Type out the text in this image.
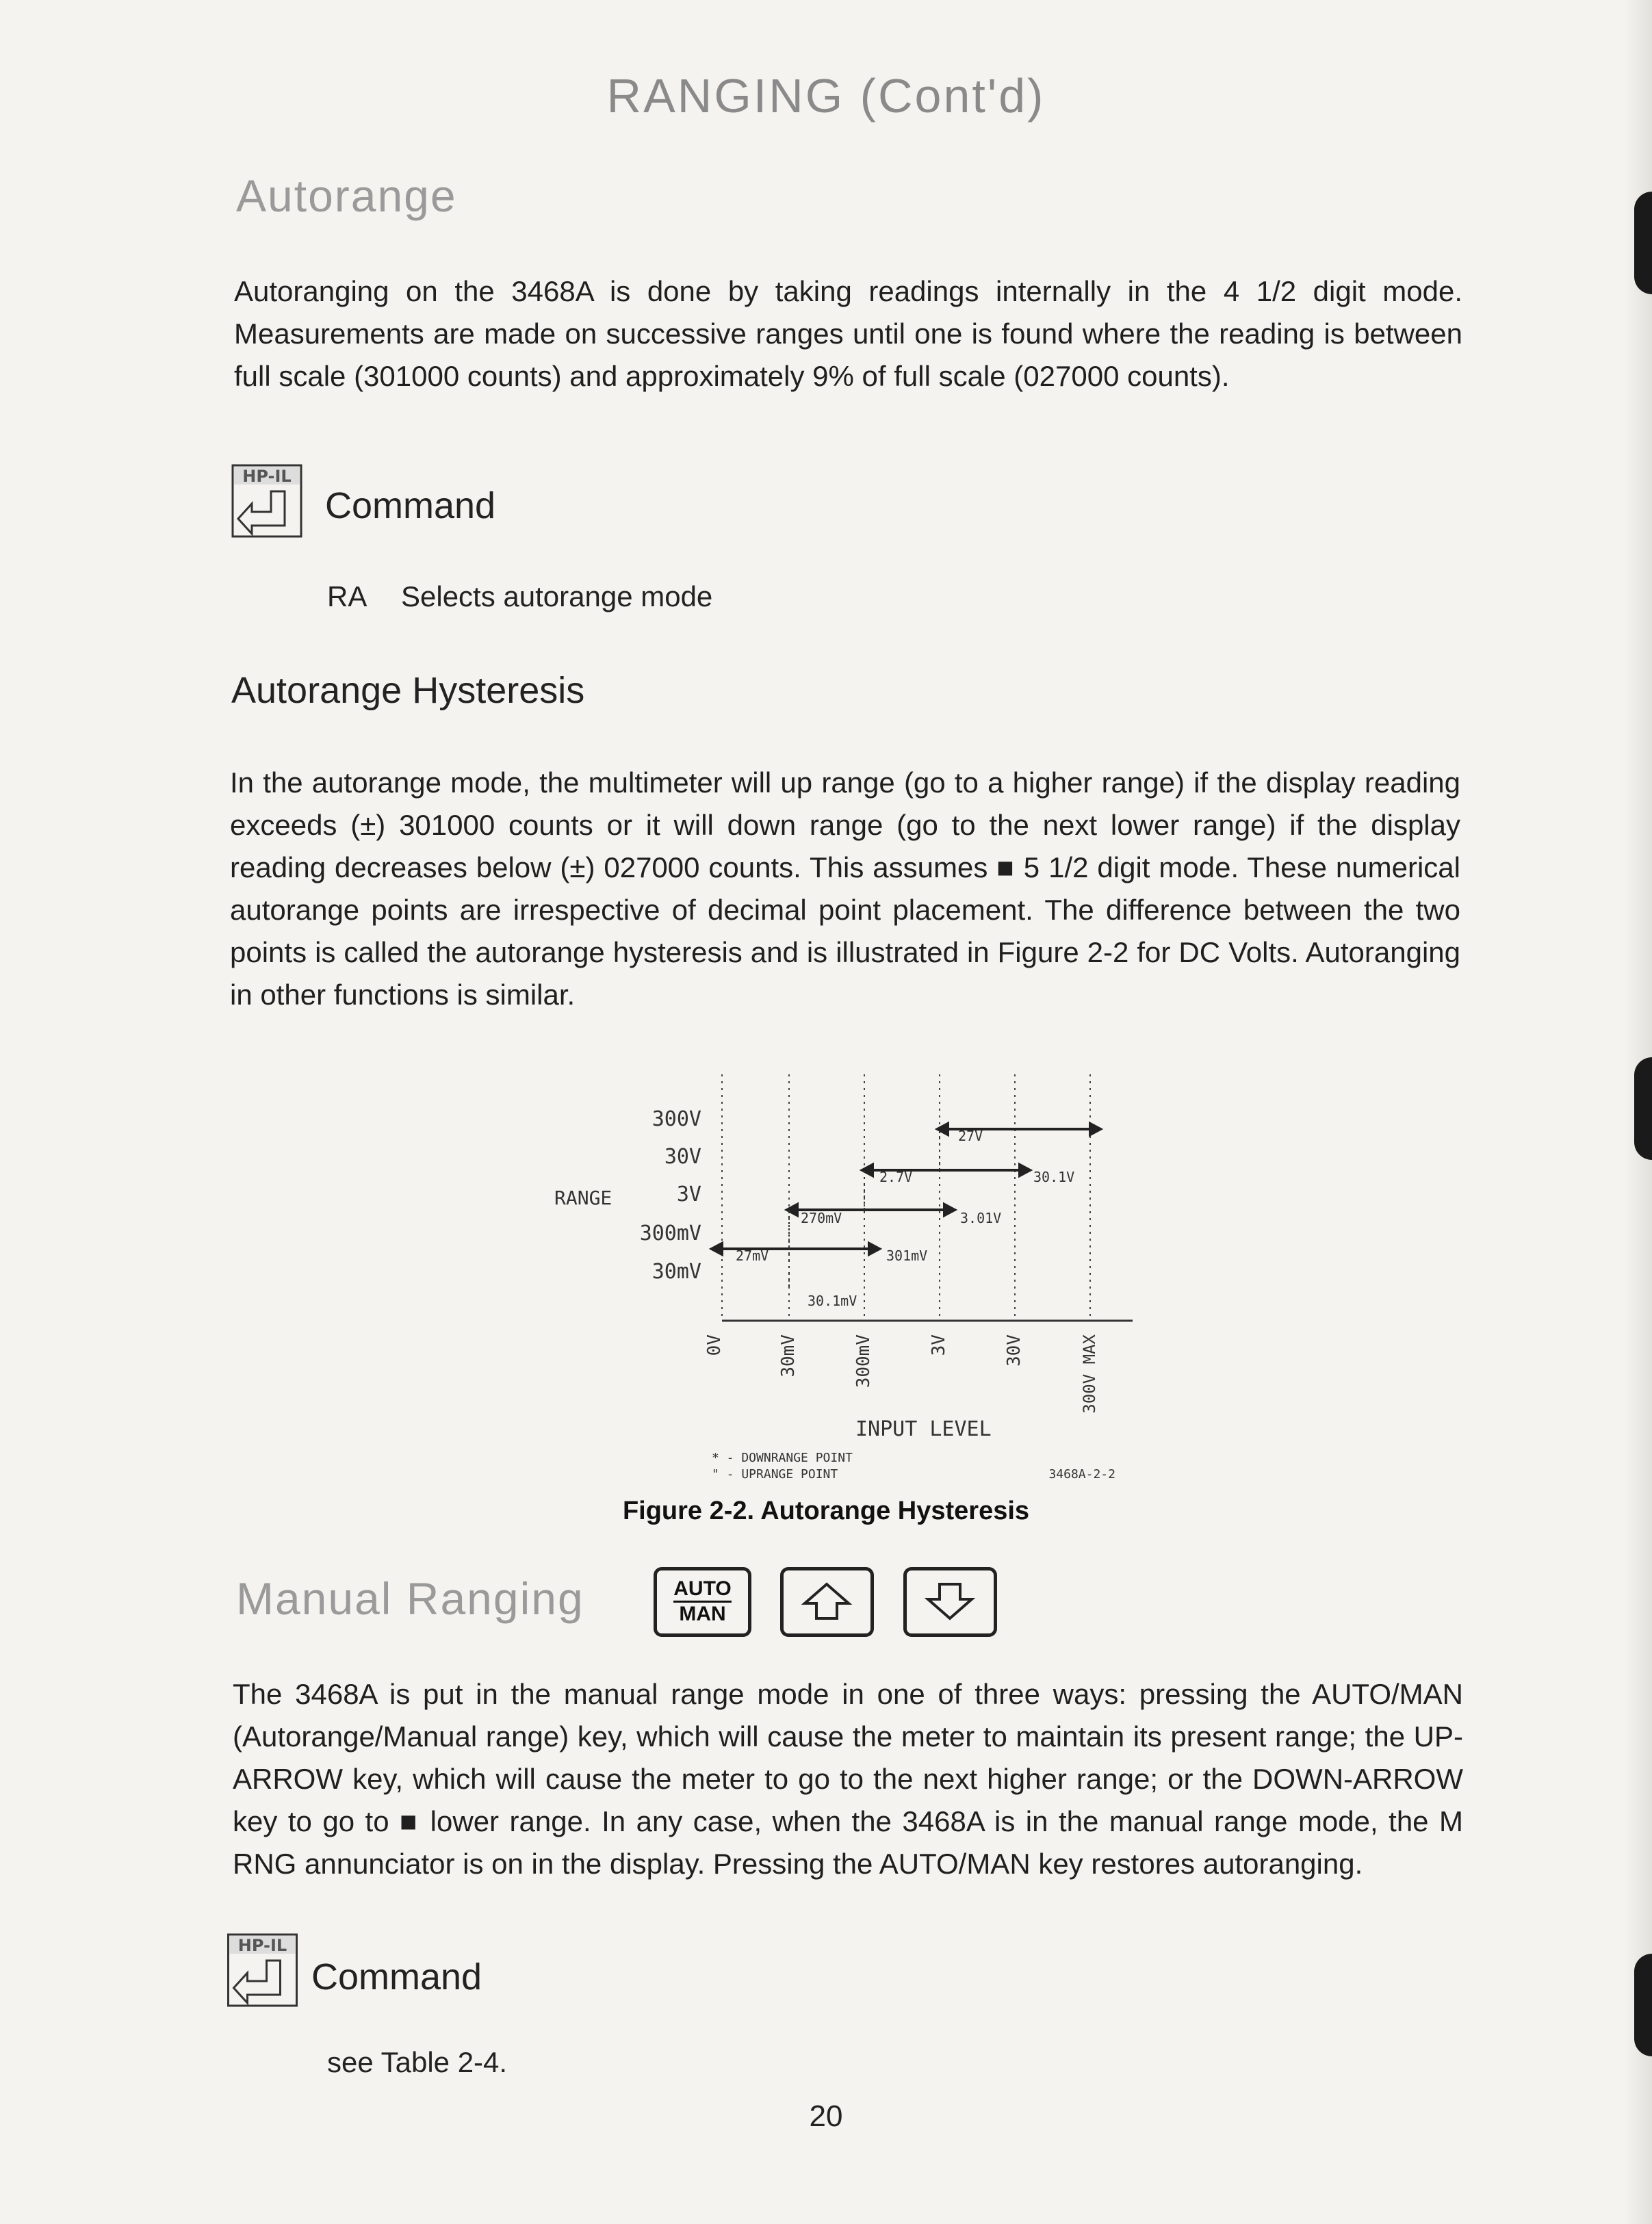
RANGING (Cont'd)
Autorange
Autoranging on the 3468A is done by taking readings internally in the 4 1/2 digit mode. Measurements are made on successive ranges until one is found where the reading is between full scale (301000 counts) and approximately 9% of full scale (027000 counts).
HP-IL
Command
RA Selects autorange mode
Autorange Hysteresis
In the autorange mode, the multimeter will up range (go to a higher range) if the display reading exceeds (±) 301000 counts or it will down range (go to the next lower range) if the display reading decreases below (±) 027000 counts. This assumes ■ 5 1/2 digit mode. These numerical autorange points are irrespective of decimal point placement. The difference between the two points is called the autorange hysteresis and is illustrated in Figure 2-2 for DC Volts. Autoranging in other functions is similar.
300V
30V
3V
300mV
30mV
RANGE
27mV
270mV
2.7V
27V
30.1mV
301mV
3.01V
30.1V
0V	30mV	300mV	3V	30V	300V MAX
INPUT LEVEL
* - DOWNRANGE POINT
" - UPRANGE POINT	3468A-2-2
Figure 2-2. Autorange Hysteresis
Manual Ranging	AUTO
MAN
The 3468A is put in the manual range mode in one of three ways: pressing the AUTO/MAN (Autorange/Manual range) key, which will cause the meter to maintain its present range; the UP-ARROW key, which will cause the meter to go to the next higher range; or the DOWN-ARROW key to go to ■ lower range. In any case, when the 3468A is in the manual range mode, the M RNG annunciator is on in the display. Pressing the AUTO/MAN key restores autoranging.
HP-IL
Command
see Table 2-4.
20
